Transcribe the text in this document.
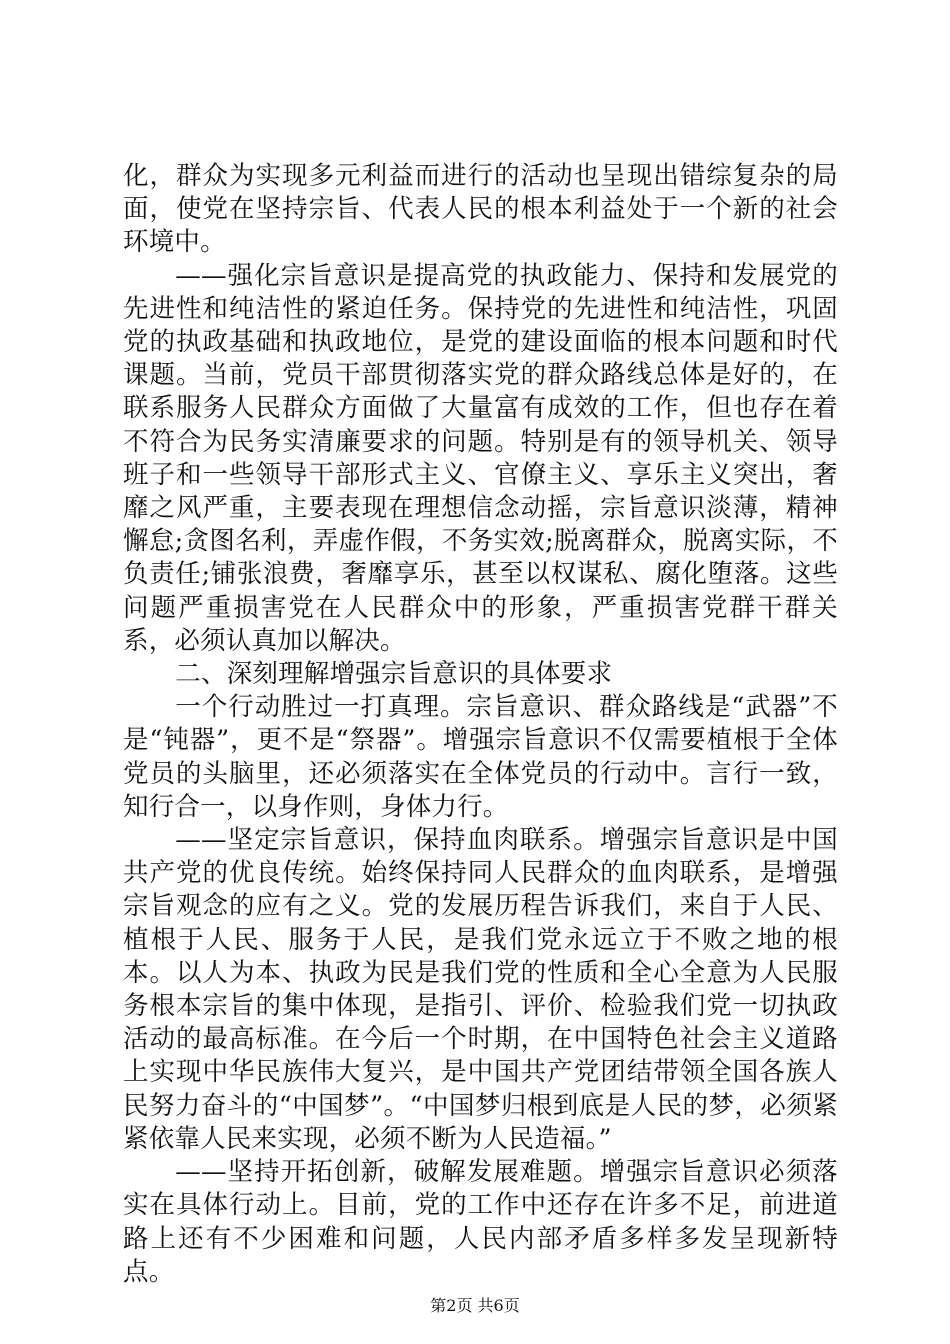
化，群众为实现多元利益而进行的活动也呈现出错综复杂的局面，使党在坚持宗旨、代表人民的根本利益处于一个新的社会环境中。

——强化宗旨意识是提高党的执政能力、保持和发展党的先进性和纯洁性的紧迫任务。保持党的先进性和纯洁性，巩固党的执政基础和执政地位，是党的建设面临的根本问题和时代课题。当前，党员干部贯彻落实党的群众路线总体是好的，在联系服务人民群众方面做了大量富有成效的工作，但也存在着不符合为民务实清廉要求的问题。特别是有的领导机关、领导班子和一些领导干部形式主义、官僚主义、享乐主义突出，奢靡之风严重，主要表现在理想信念动摇，宗旨意识淡薄，精神懈怠;贪图名利，弄虚作假，不务实效;脱离群众，脱离实际，不负责任;铺张浪费，奢靡享乐，甚至以权谋私、腐化堕落。这些问题严重损害党在人民群众中的形象，严重损害党群干群关系，必须认真加以解决。

二、深刻理解增强宗旨意识的具体要求

一个行动胜过一打真理。宗旨意识、群众路线是“武器”不是“钝器”，更不是“祭器”。增强宗旨意识不仅需要植根于全体党员的头脑里，还必须落实在全体党员的行动中。言行一致，知行合一，以身作则，身体力行。

——坚定宗旨意识，保持血肉联系。增强宗旨意识是中国共产党的优良传统。始终保持同人民群众的血肉联系，是增强宗旨观念的应有之义。党的发展历程告诉我们，来自于人民、植根于人民、服务于人民，是我们党永远立于不败之地的根本。以人为本、执政为民是我们党的性质和全心全意为人民服务根本宗旨的集中体现，是指引、评价、检验我们党一切执政活动的最高标准。在今后一个时期，在中国特色社会主义道路上实现中华民族伟大复兴，是中国共产党团结带领全国各族人民努力奋斗的“中国梦”。“中国梦归根到底是人民的梦，必须紧紧依靠人民来实现，必须不断为人民造福。”

——坚持开拓创新，破解发展难题。增强宗旨意识必须落实在具体行动上。目前，党的工作中还存在许多不足，前进道路上还有不少困难和问题，人民内部矛盾多样多发呈现新特点。

第2页 共6页
